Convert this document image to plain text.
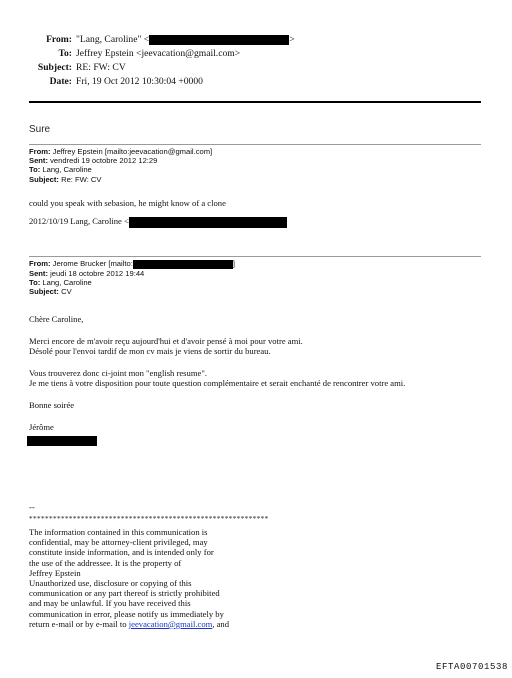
From: "Lang, Caroline" <	>
To: Jeffrey Epstein <jeevacation@gmail.com>
Subject: RE: FW: CV
Date: Fri, 19 Oct 2012 10:30:04 +0000
Sure
From: Jeffrey Epstein [mailto:jeevacation@gmail.com]
Sent: vendredi 19 octobre 2012 12:29
To: Lang, Caroline
Subject: Re: FW: CV
could you speak with sebasion, he might know of a clone
2012/10/19 Lang, Caroline <
From: Jerome Brucker [mailto:	]
Sent: jeudi 18 octobre 2012 19:44
To: Lang, Caroline
Subject: CV

Chère Caroline,

Merci encore de m'avoir reçu aujourd'hui et d'avoir pensé à moi pour votre ami.

Désolé pour l'envoi tardif de mon cv mais je viens de sortir du bureau.

Vous trouverez donc ci-joint mon "english resume".

Je me tiens à votre disposition pour toute question complémentaire et serait enchanté de rencontrer votre ami.

Bonne soirée

Jérôme

--
************************************************************
The information contained in this communication is
confidential, may be attorney-client privileged, may
constitute inside information, and is intended only for
the use of the addressee. It is the property of
Jeffrey Epstein
Unauthorized use, disclosure or copying of this
communication or any part thereof is strictly prohibited
and may be unlawful. If you have received this
communication in error, please notify us immediately by
return e-mail or by e-mail to jeevacation@gmail.com, and
EFTA00701538
